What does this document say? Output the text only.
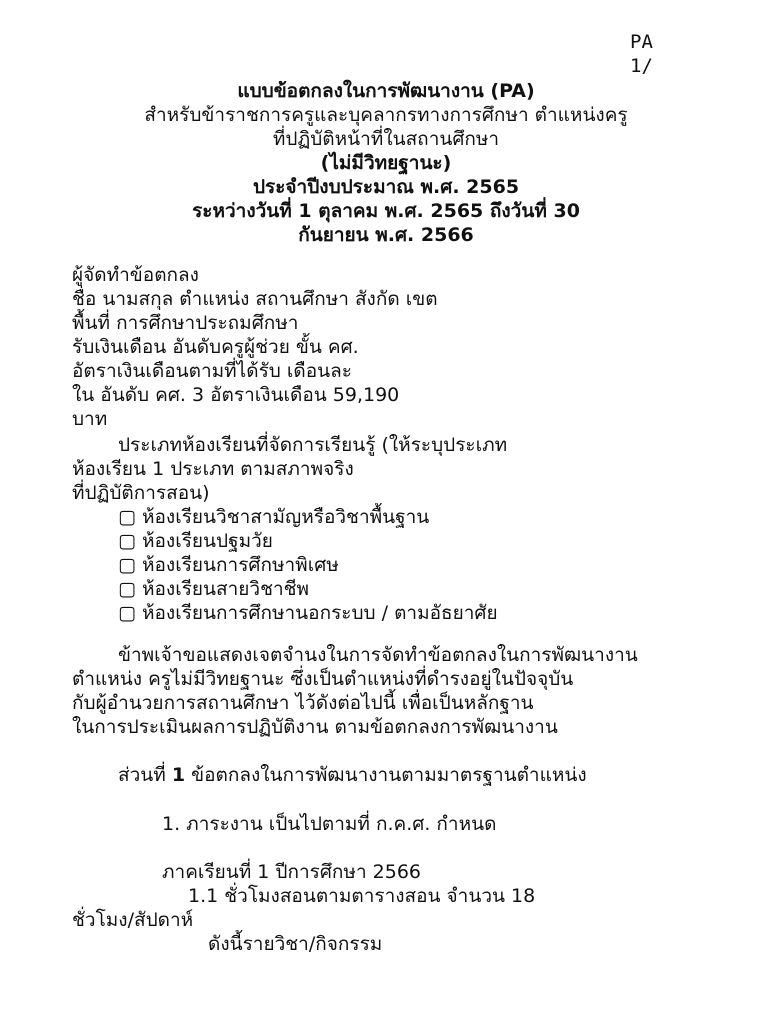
PA 1/
แบบข้อตกลงในการพัฒนางาน (PA)
สำหรับข้าราชการครูและบุคลากรทางการศึกษา ตำแหน่งครู
ที่ปฏิบัติหน้าที่ในสถานศึกษา
(ไม่มีวิทยฐานะ)
ประจำปีงบประมาณ พ.ศ. 2565
ระหว่างวันที่ 1 ตุลาคม พ.ศ. 2565 ถึงวันที่ 30
กันยายน พ.ศ. 2566
ผู้จัดทำข้อตกลง
ชื่อ นามสกุล ตำแหน่ง สถานศึกษา สังกัด เขต
พื้นที่ การศึกษาประถมศึกษา
รับเงินเดือน อันดับครูผู้ช่วย ขั้น คศ.
อัตราเงินเดือนตามที่ได้รับ เดือนละ
ใน อันดับ คศ. 3 อัตราเงินเดือน 59,190
บาท
ประเภทห้องเรียนที่จัดการเรียนรู้ (ให้ระบุประเภท
ห้องเรียน 1 ประเภท ตามสภาพจริง
ที่ปฏิบัติการสอน)
▢ ห้องเรียนวิชาสามัญหรือวิชาพื้นฐาน
▢ ห้องเรียนปฐมวัย
▢ ห้องเรียนการศึกษาพิเศษ
▢ ห้องเรียนสายวิชาชีพ
▢ ห้องเรียนการศึกษานอกระบบ / ตามอัธยาศัย
ข้าพเจ้าขอแสดงเจตจำนงในการจัดทำข้อตกลงในการพัฒนางาน
ตำแหน่ง ครูไม่มีวิทยฐานะ ซึ่งเป็นตำแหน่งที่ดำรงอยู่ในปัจจุบัน
กับผู้อำนวยการสถานศึกษา ไว้ดังต่อไปนี้ เพื่อเป็นหลักฐาน
ในการประเมินผลการปฏิบัติงาน ตามข้อตกลงการพัฒนางาน
ส่วนที่ 1 ข้อตกลงในการพัฒนางานตามมาตรฐานตำแหน่ง
1. ภาระงาน เป็นไปตามที่ ก.ค.ศ. กำหนด
ภาคเรียนที่ 1 ปีการศึกษา 2566
1.1 ชั่วโมงสอนตามตารางสอน จำนวน 18
ชั่วโมง/สัปดาห์
ดังนี้รายวิชา/กิจกรรม
